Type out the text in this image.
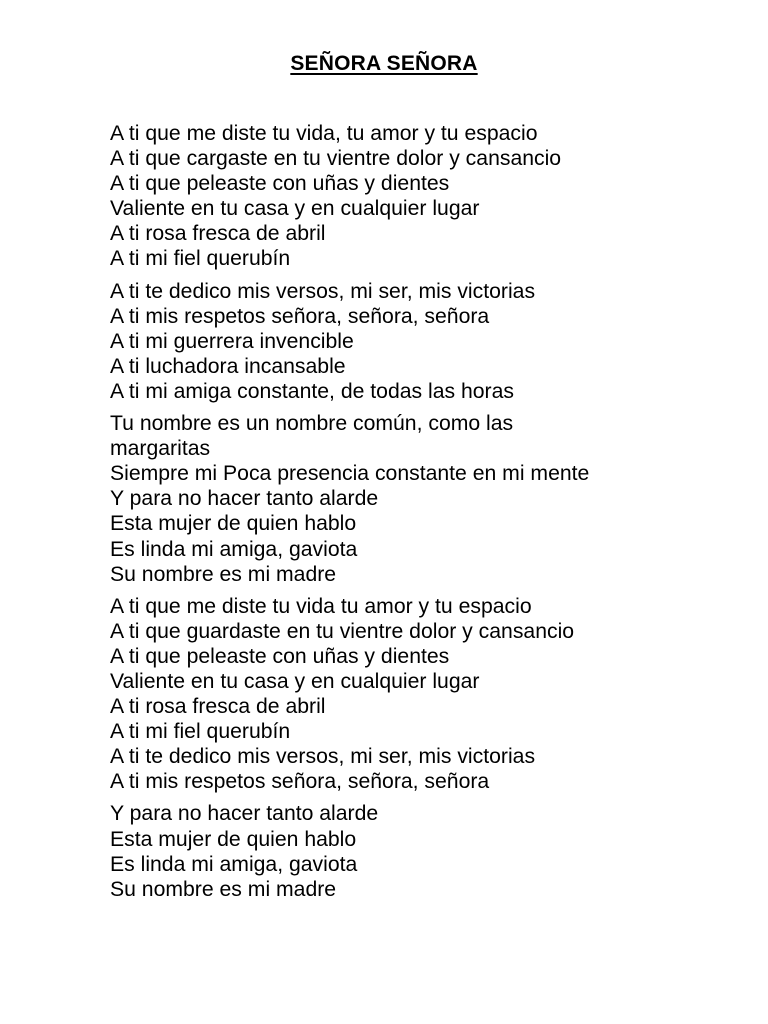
SEÑORA SEÑORA
A ti que me diste tu vida, tu amor y tu espacio
A ti que cargaste en tu vientre dolor y cansancio
A ti que peleaste con uñas y dientes
Valiente en tu casa y en cualquier lugar
A ti rosa fresca de abril
A ti mi fiel querubín
A ti te dedico mis versos, mi ser, mis victorias
A ti mis respetos señora, señora, señora
A ti mi guerrera invencible
A ti luchadora incansable
A ti mi amiga constante, de todas las horas
Tu nombre es un nombre común, como las
margaritas
Siempre mi Poca presencia constante en mi mente
Y para no hacer tanto alarde
Esta mujer de quien hablo
Es linda mi amiga, gaviota
Su nombre es mi madre
A ti que me diste tu vida tu amor y tu espacio
A ti que guardaste en tu vientre dolor y cansancio
A ti que peleaste con uñas y dientes
Valiente en tu casa y en cualquier lugar
A ti rosa fresca de abril
A ti mi fiel querubín
A ti te dedico mis versos, mi ser, mis victorias
A ti mis respetos señora, señora, señora
Y para no hacer tanto alarde
Esta mujer de quien hablo
Es linda mi amiga, gaviota
Su nombre es mi madre
